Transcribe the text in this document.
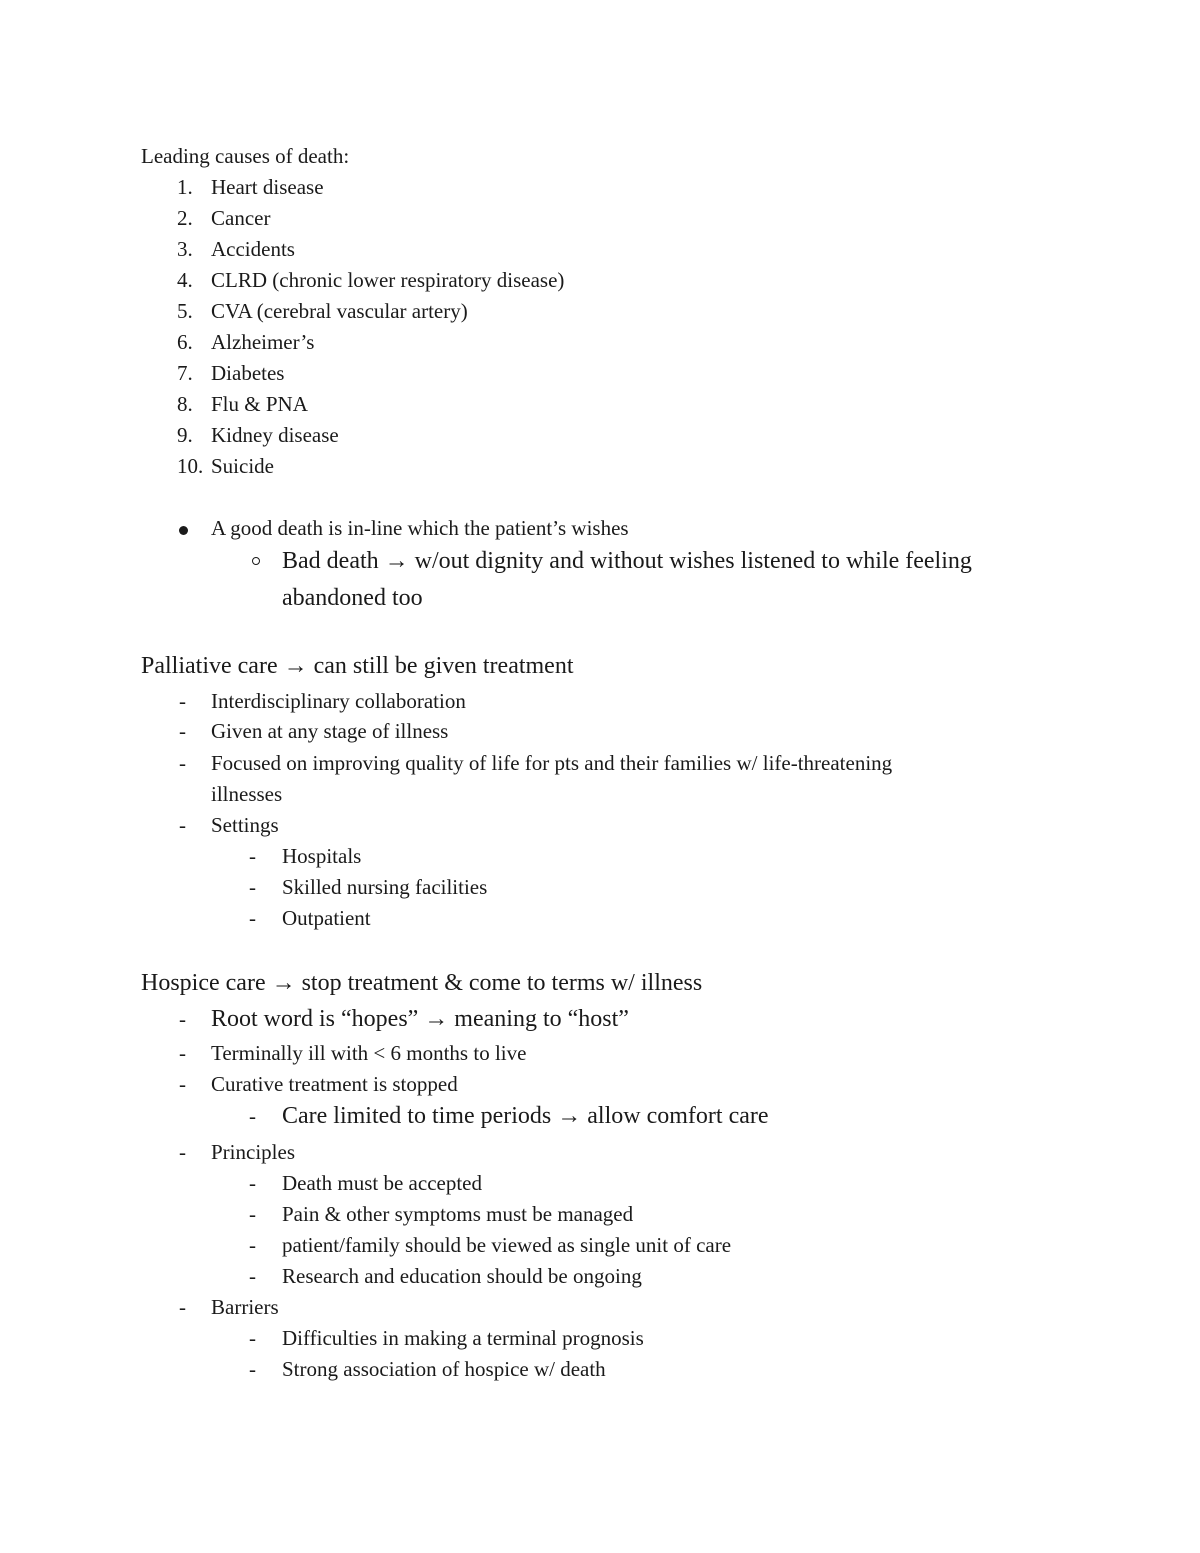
Leading causes of death:
1. Heart disease
2. Cancer
3. Accidents
4. CLRD (chronic lower respiratory disease)
5. CVA (cerebral vascular artery)
6. Alzheimer’s
7. Diabetes
8. Flu & PNA
9. Kidney disease
10. Suicide
A good death is in-line which the patient’s wishes
Bad death → w/out dignity and without wishes listened to while feeling
abandoned too
Palliative care → can still be given treatment
- Interdisciplinary collaboration
- Given at any stage of illness
- Focused on improving quality of life for pts and their families w/ life-threatening
illnesses
- Settings
- Hospitals
- Skilled nursing facilities
- Outpatient
Hospice care → stop treatment & come to terms w/ illness
- Root word is “hopes” → meaning to “host”
- Terminally ill with < 6 months to live
- Curative treatment is stopped
- Care limited to time periods → allow comfort care
- Principles
- Death must be accepted
- Pain & other symptoms must be managed
- patient/family should be viewed as single unit of care
- Research and education should be ongoing
- Barriers
- Difficulties in making a terminal prognosis
- Strong association of hospice w/ death
